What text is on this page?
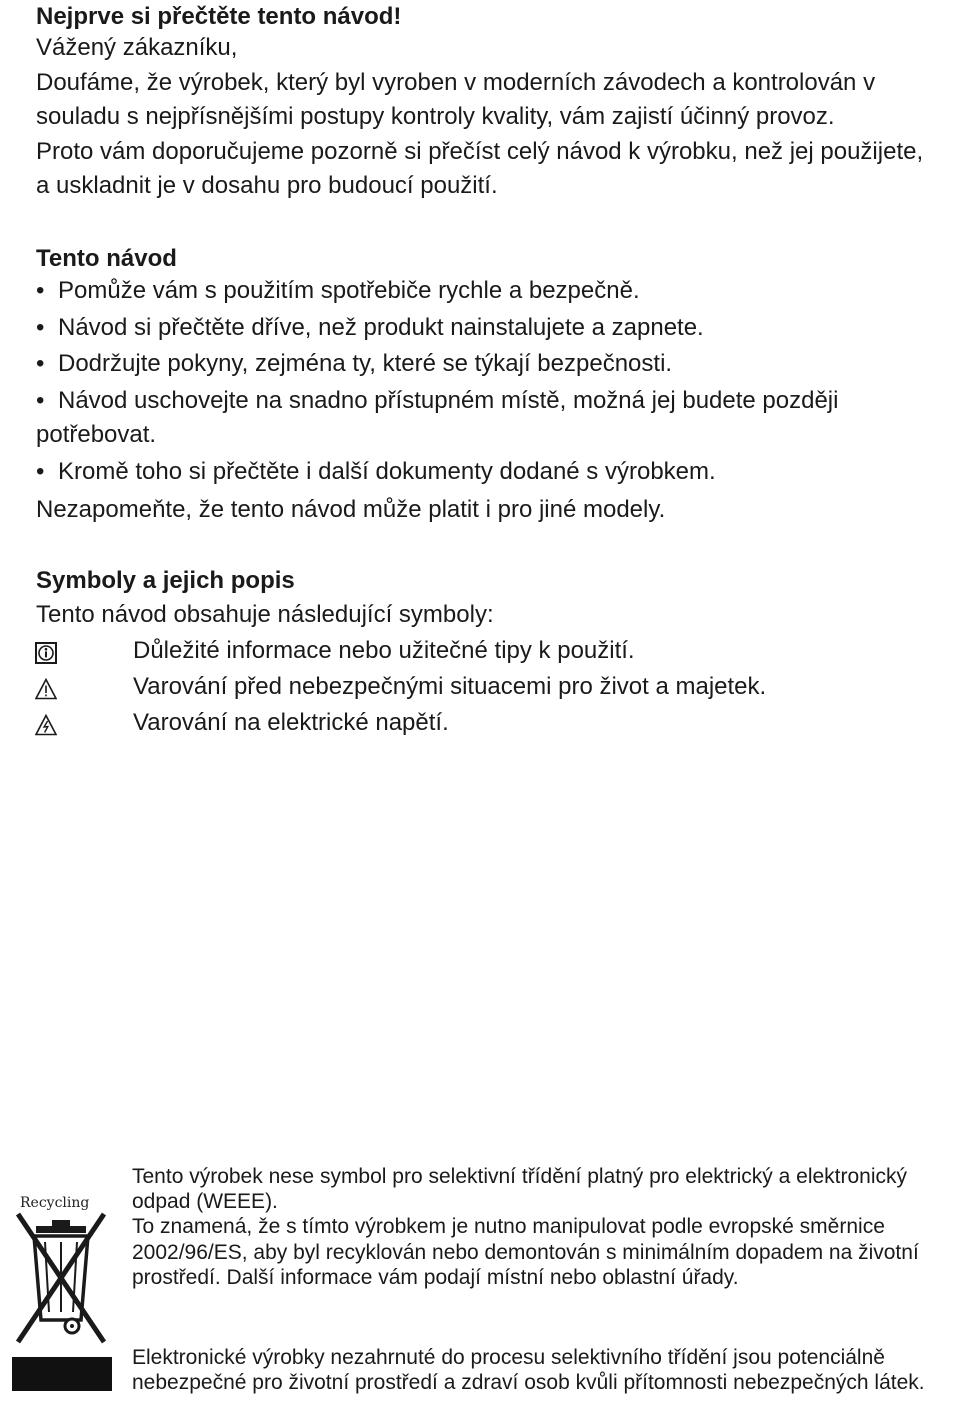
Nejprve si přečtěte tento návod!
Vážený zákazníku,
Doufáme, že výrobek, který byl vyroben v moderních závodech a kontrolován v souladu s nejpřísnějšími postupy kontroly kvality, vám zajistí účinný provoz.
Proto vám doporučujeme pozorně si přečíst celý návod k výrobku, než jej použijete, a uskladnit je v dosahu pro budoucí použití.
Tento návod
• Pomůže vám s použitím spotřebiče rychle a bezpečně.
• Návod si přečtěte dříve, než produkt nainstalujete a zapnete.
• Dodržujte pokyny, zejména ty, které se týkají bezpečnosti.
• Návod uschovejte na snadno přístupném místě, možná jej budete později potřebovat.
• Kromě toho si přečtěte i další dokumenty dodané s výrobkem.
Nezapomeňte, že tento návod může platit i pro jiné modely.
Symboly a jejich popis
Tento návod obsahuje následující symboly:
Důležité informace nebo užitečné tipy k použití.
Varování před nebezpečnými situacemi pro život a majetek.
Varování na elektrické napětí.
Recycling

Tento výrobek nese symbol pro selektivní třídění platný pro elektrický a elektronický odpad (WEEE).

To znamená, že s tímto výrobkem je nutno manipulovat podle evropské směrnice 2002/96/ES, aby byl recyklován nebo demontován s minimálním dopadem na životní prostředí. Další informace vám podají místní nebo oblastní úřady.

Elektronické výrobky nezahrnuté do procesu selektivního třídění jsou potenciálně nebezpečné pro životní prostředí a zdraví osob kvůli přítomnosti nebezpečných látek.
